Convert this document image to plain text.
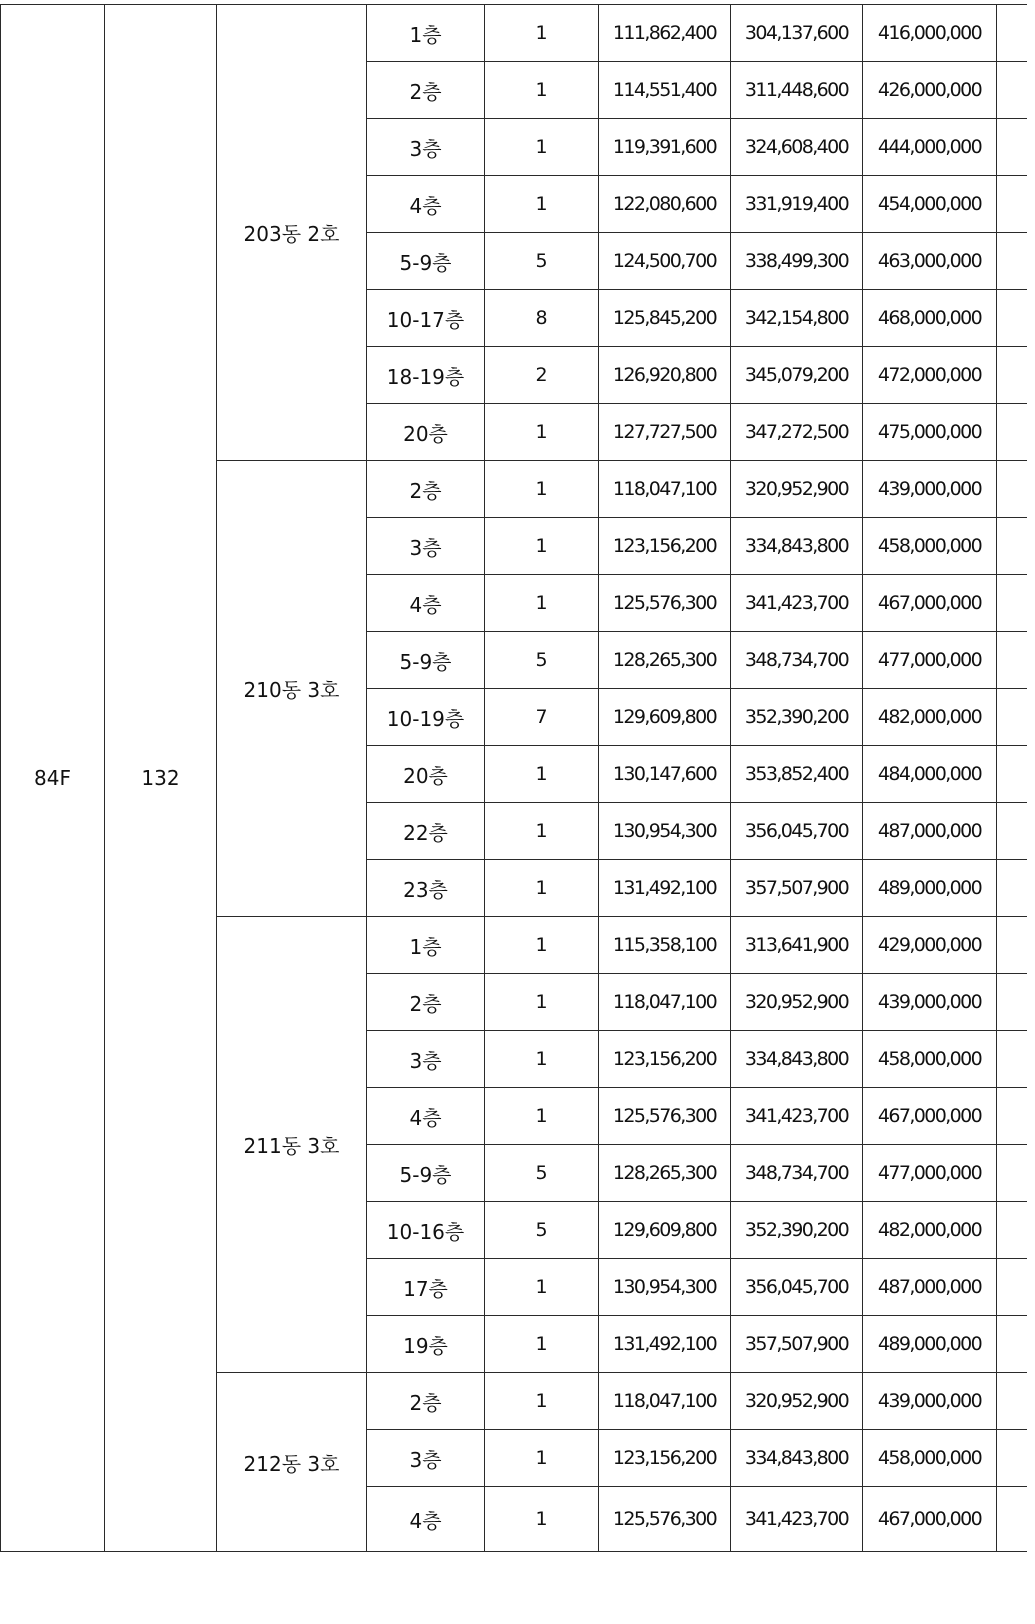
84F	132	203동 2호	1층	1	111,862,400	304,137,600	416,000,000	
			2층	1	114,551,400	311,448,600	426,000,000	
			3층	1	119,391,600	324,608,400	444,000,000	
			4층	1	122,080,600	331,919,400	454,000,000	
			5-9층	5	124,500,700	338,499,300	463,000,000	
			10-17층	8	125,845,200	342,154,800	468,000,000	
			18-19층	2	126,920,800	345,079,200	472,000,000	
			20층	1	127,727,500	347,272,500	475,000,000	
		210동 3호	2층	1	118,047,100	320,952,900	439,000,000	
			3층	1	123,156,200	334,843,800	458,000,000	
			4층	1	125,576,300	341,423,700	467,000,000	
			5-9층	5	128,265,300	348,734,700	477,000,000	
			10-19층	7	129,609,800	352,390,200	482,000,000	
			20층	1	130,147,600	353,852,400	484,000,000	
			22층	1	130,954,300	356,045,700	487,000,000	
			23층	1	131,492,100	357,507,900	489,000,000	
		211동 3호	1층	1	115,358,100	313,641,900	429,000,000	
			2층	1	118,047,100	320,952,900	439,000,000	
			3층	1	123,156,200	334,843,800	458,000,000	
			4층	1	125,576,300	341,423,700	467,000,000	
			5-9층	5	128,265,300	348,734,700	477,000,000	
			10-16층	5	129,609,800	352,390,200	482,000,000	
			17층	1	130,954,300	356,045,700	487,000,000	
			19층	1	131,492,100	357,507,900	489,000,000	
		212동 3호	2층	1	118,047,100	320,952,900	439,000,000	
			3층	1	123,156,200	334,843,800	458,000,000	
			4층	1	125,576,300	341,423,700	467,000,000	
